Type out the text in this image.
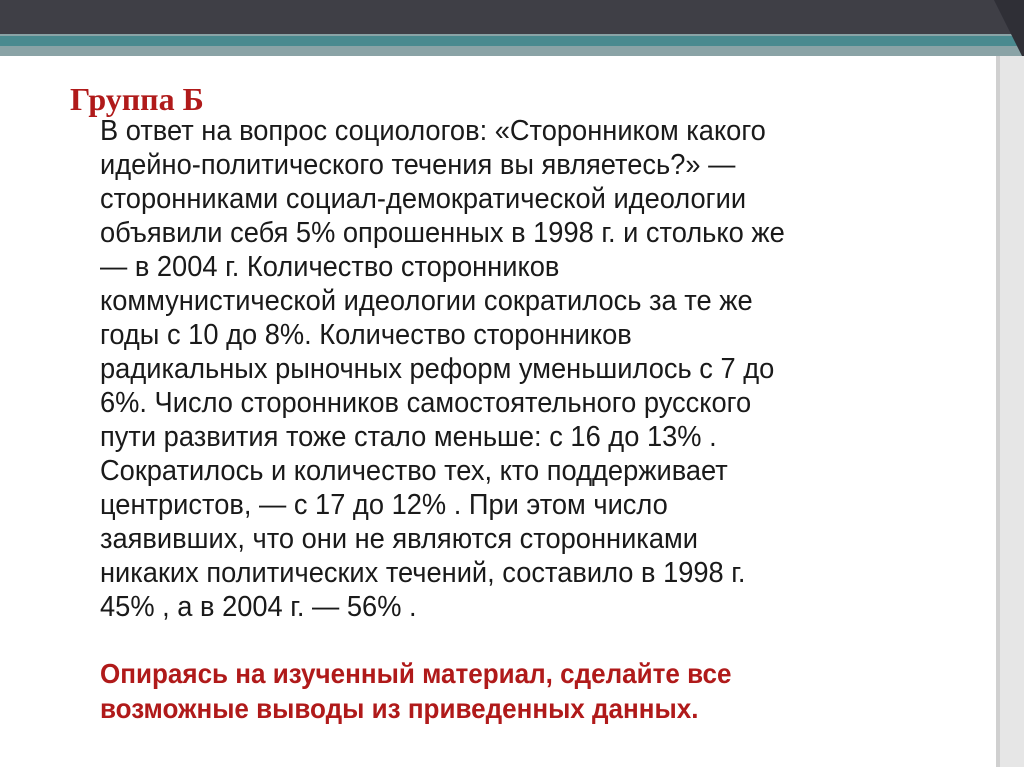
Группа Б
В ответ на вопрос социологов: «Сторонником какого
идейно-политического течения вы являетесь?» —
сторонниками социал-демократической идеологии
объявили себя 5% опрошенных в 1998 г. и столько же
— в 2004 г. Количество сторонников
коммунистической идеологии сократилось за те же
годы с 10 до 8%. Количество сторонников
радикальных рыночных реформ уменьшилось с 7 до
6%. Число сторонников самостоятельного русского
пути развития тоже стало меньше: с 16 до 13% .
Сократилось и количество тех, кто поддерживает
центристов, — с 17 до 12% . При этом число
заявивших, что они не являются сторонниками
никаких политических течений, составило в 1998 г.
45% , а в 2004 г. — 56% .
Опираясь на изученный материал, сделайте все
возможные выводы из приведенных данных.
